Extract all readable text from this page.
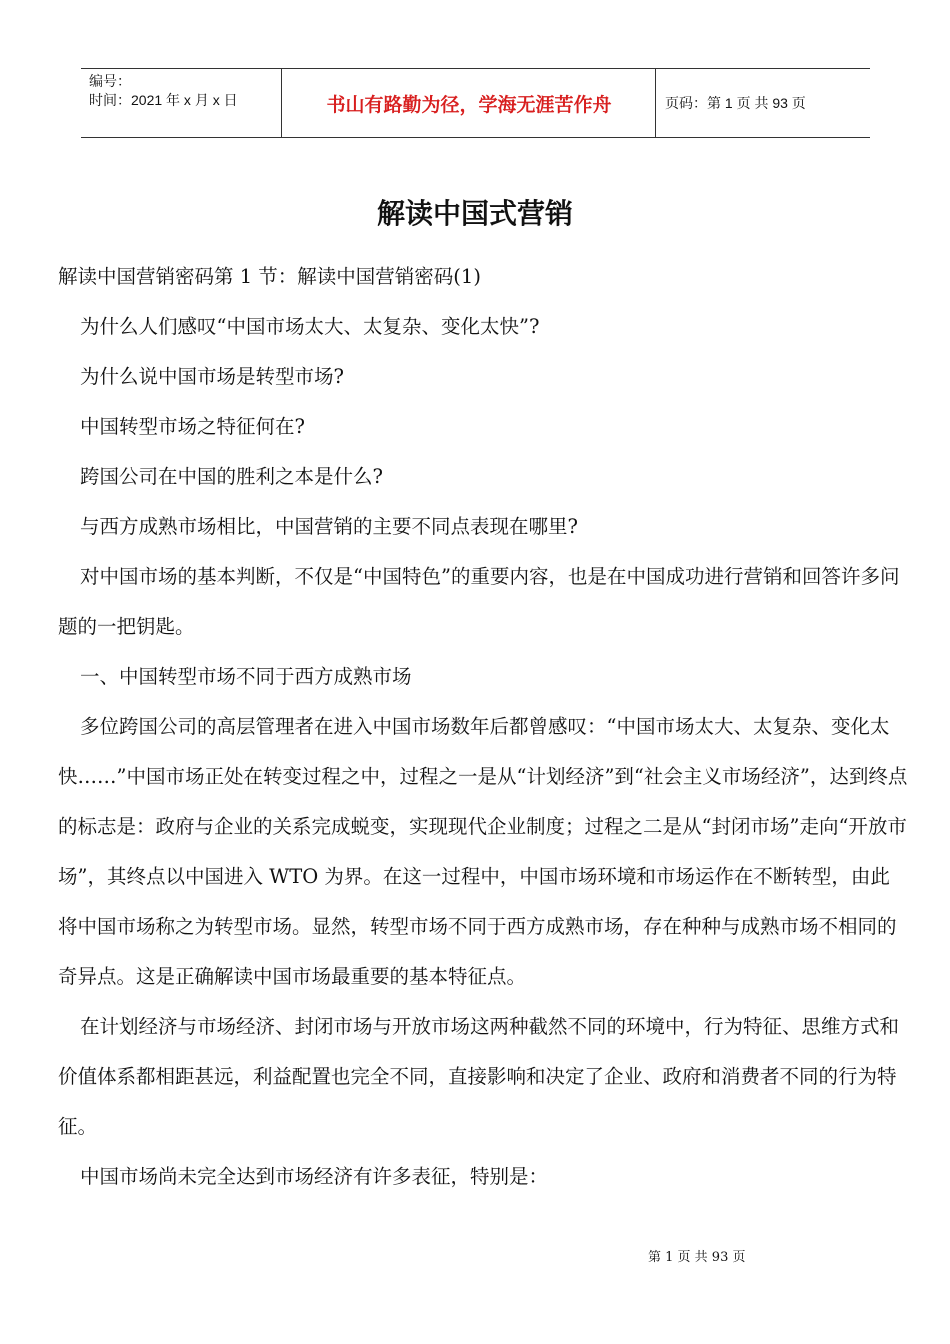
编号：
时间：2021 年 x 月 x 日	书山有路勤为径，学海无涯苦作舟	页码：第 1 页 共 93 页
解读中国式营销

解读中国营销密码第 1 节：解读中国营销密码(1)

为什么人们感叹“中国市场太大、太复杂、变化太快”?

为什么说中国市场是转型市场?

中国转型市场之特征何在?

跨国公司在中国的胜利之本是什么?

与西方成熟市场相比，中国营销的主要不同点表现在哪里?

对中国市场的基本判断，不仅是“中国特色”的重要内容，也是在中国成功进行营销和回答许多问题的一把钥匙。

一、中国转型市场不同于西方成熟市场

多位跨国公司的高层管理者在进入中国市场数年后都曾感叹：“中国市场太大、太复杂、变化太快……”中国市场正处在转变过程之中，过程之一是从“计划经济”到“社会主义市场经济”，达到终点的标志是：政府与企业的关系完成蜕变，实现现代企业制度；过程之二是从“封闭市场”走向“开放市场”，其终点以中国进入 WTO 为界。在这一过程中，中国市场环境和市场运作在不断转型，由此将中国市场称之为转型市场。显然，转型市场不同于西方成熟市场，存在种种与成熟市场不相同的奇异点。这是正确解读中国市场最重要的基本特征点。

在计划经济与市场经济、封闭市场与开放市场这两种截然不同的环境中，行为特征、思维方式和价值体系都相距甚远，利益配置也完全不同，直接影响和决定了企业、政府和消费者不同的行为特征。

中国市场尚未完全达到市场经济有许多表征，特别是：

第 1 页 共 93 页
